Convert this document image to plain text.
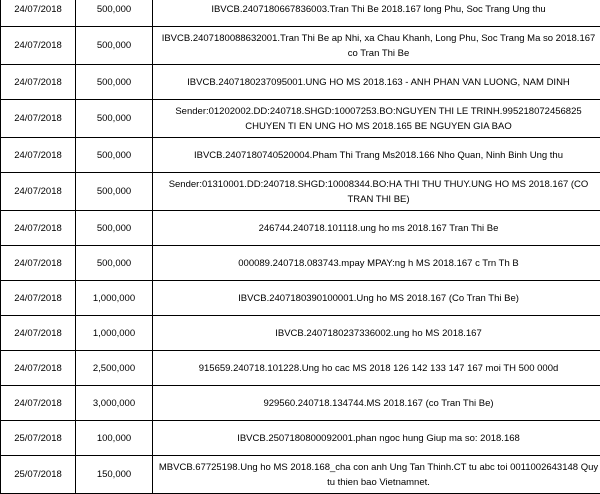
24/07/2018	500,000	IBVCB.2407180667836003.Tran Thi Be 2018.167 long Phu, Soc Trang Ung thu
24/07/2018	500,000	IBVCB.2407180088632001.Tran Thi Be ap Nhi, xa Chau Khanh, Long Phu, Soc Trang Ma so 2018.167 co Tran Thi Be
24/07/2018	500,000	IBVCB.2407180237095001.UNG HO MS 2018.163 - ANH PHAN VAN LUONG, NAM DINH
24/07/2018	500,000	Sender:01202002.DD:240718.SHGD:10007253.BO:NGUYEN THI LE TRINH.995218072456825 CHUYEN TI EN UNG HO MS 2018.165 BE NGUYEN GIA BAO
24/07/2018	500,000	IBVCB.2407180740520004.Pham Thi Trang Ms2018.166 Nho Quan, Ninh Binh Ung thu
24/07/2018	500,000	Sender:01310001.DD:240718.SHGD:10008344.BO:HA THI THU THUY.UNG HO MS 2018.167 (CO TRAN THI BE)
24/07/2018	500,000	246744.240718.101118.ung ho ms 2018.167 Tran Thi Be
24/07/2018	500,000	000089.240718.083743.mpay MPAY:ng h MS 2018.167 c Trn Th B
24/07/2018	1,000,000	IBVCB.2407180390100001.Ung ho MS 2018.167 (Co Tran Thi Be)
24/07/2018	1,000,000	IBVCB.2407180237336002.ung ho MS 2018.167
24/07/2018	2,500,000	915659.240718.101228.Ung ho cac MS 2018 126 142 133 147 167 moi TH 500 000d
24/07/2018	3,000,000	929560.240718.134744.MS 2018.167 (co Tran Thi Be)
25/07/2018	100,000	IBVCB.2507180800092001.phan ngoc hung Giup ma so: 2018.168
25/07/2018	150,000	MBVCB.67725198.Ung ho MS 2018.168_cha con anh Ung Tan Thinh.CT tu abc toi 0011002643148 Quy tu thien bao Vietnamnet.
